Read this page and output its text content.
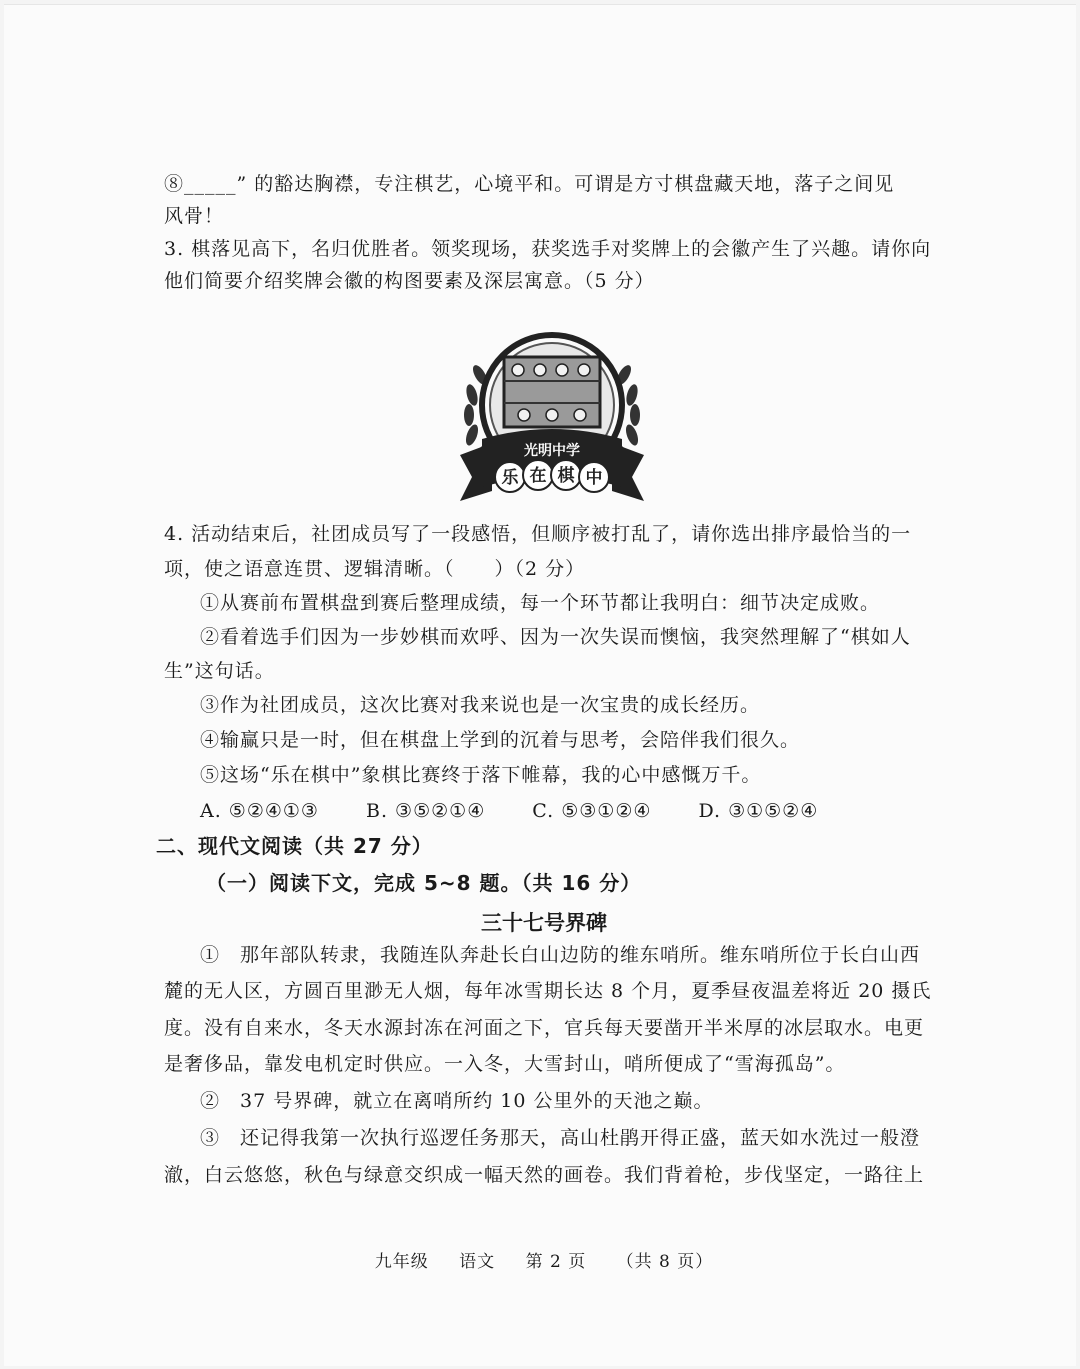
⑧_____” 的豁达胸襟，专注棋艺，心境平和。可谓是方寸棋盘藏天地，落子之间见
风骨！
3. 棋落见高下，名归优胜者。领奖现场，获奖选手对奖牌上的会徽产生了兴趣。请你向
他们简要介绍奖牌会徽的构图要素及深层寓意。（5 分）
光明中学
乐 在 棋 中
4. 活动结束后，社团成员写了一段感悟，但顺序被打乱了，请你选出排序最恰当的一
项，使之语意连贯、逻辑清晰。（　　）（2 分）
①从赛前布置棋盘到赛后整理成绩，每一个环节都让我明白：细节决定成败。
②看着选手们因为一步妙棋而欢呼、因为一次失误而懊恼，我突然理解了“棋如人
生”这句话。
③作为社团成员，这次比赛对我来说也是一次宝贵的成长经历。
④输赢只是一时，但在棋盘上学到的沉着与思考，会陪伴我们很久。
⑤这场“乐在棋中”象棋比赛终于落下帷幕，我的心中感慨万千。
A. ⑤②④①③ B. ③⑤②①④ C. ⑤③①②④ D. ③①⑤②④
二、现代文阅读（共 27 分）
（一）阅读下文，完成 5~8 题。（共 16 分）
三十七号界碑
①　那年部队转隶，我随连队奔赴长白山边防的维东哨所。维东哨所位于长白山西
麓的无人区，方圆百里渺无人烟，每年冰雪期长达 8 个月，夏季昼夜温差将近 20 摄氏
度。没有自来水，冬天水源封冻在河面之下，官兵每天要凿开半米厚的冰层取水。电更
是奢侈品，靠发电机定时供应。一入冬，大雪封山，哨所便成了“雪海孤岛”。
②　37 号界碑，就立在离哨所约 10 公里外的天池之巅。
③　还记得我第一次执行巡逻任务那天，高山杜鹃开得正盛，蓝天如水洗过一般澄
澈，白云悠悠，秋色与绿意交织成一幅天然的画卷。我们背着枪，步伐坚定，一路往上
九年级 语文 第 2 页 （共 8 页）
